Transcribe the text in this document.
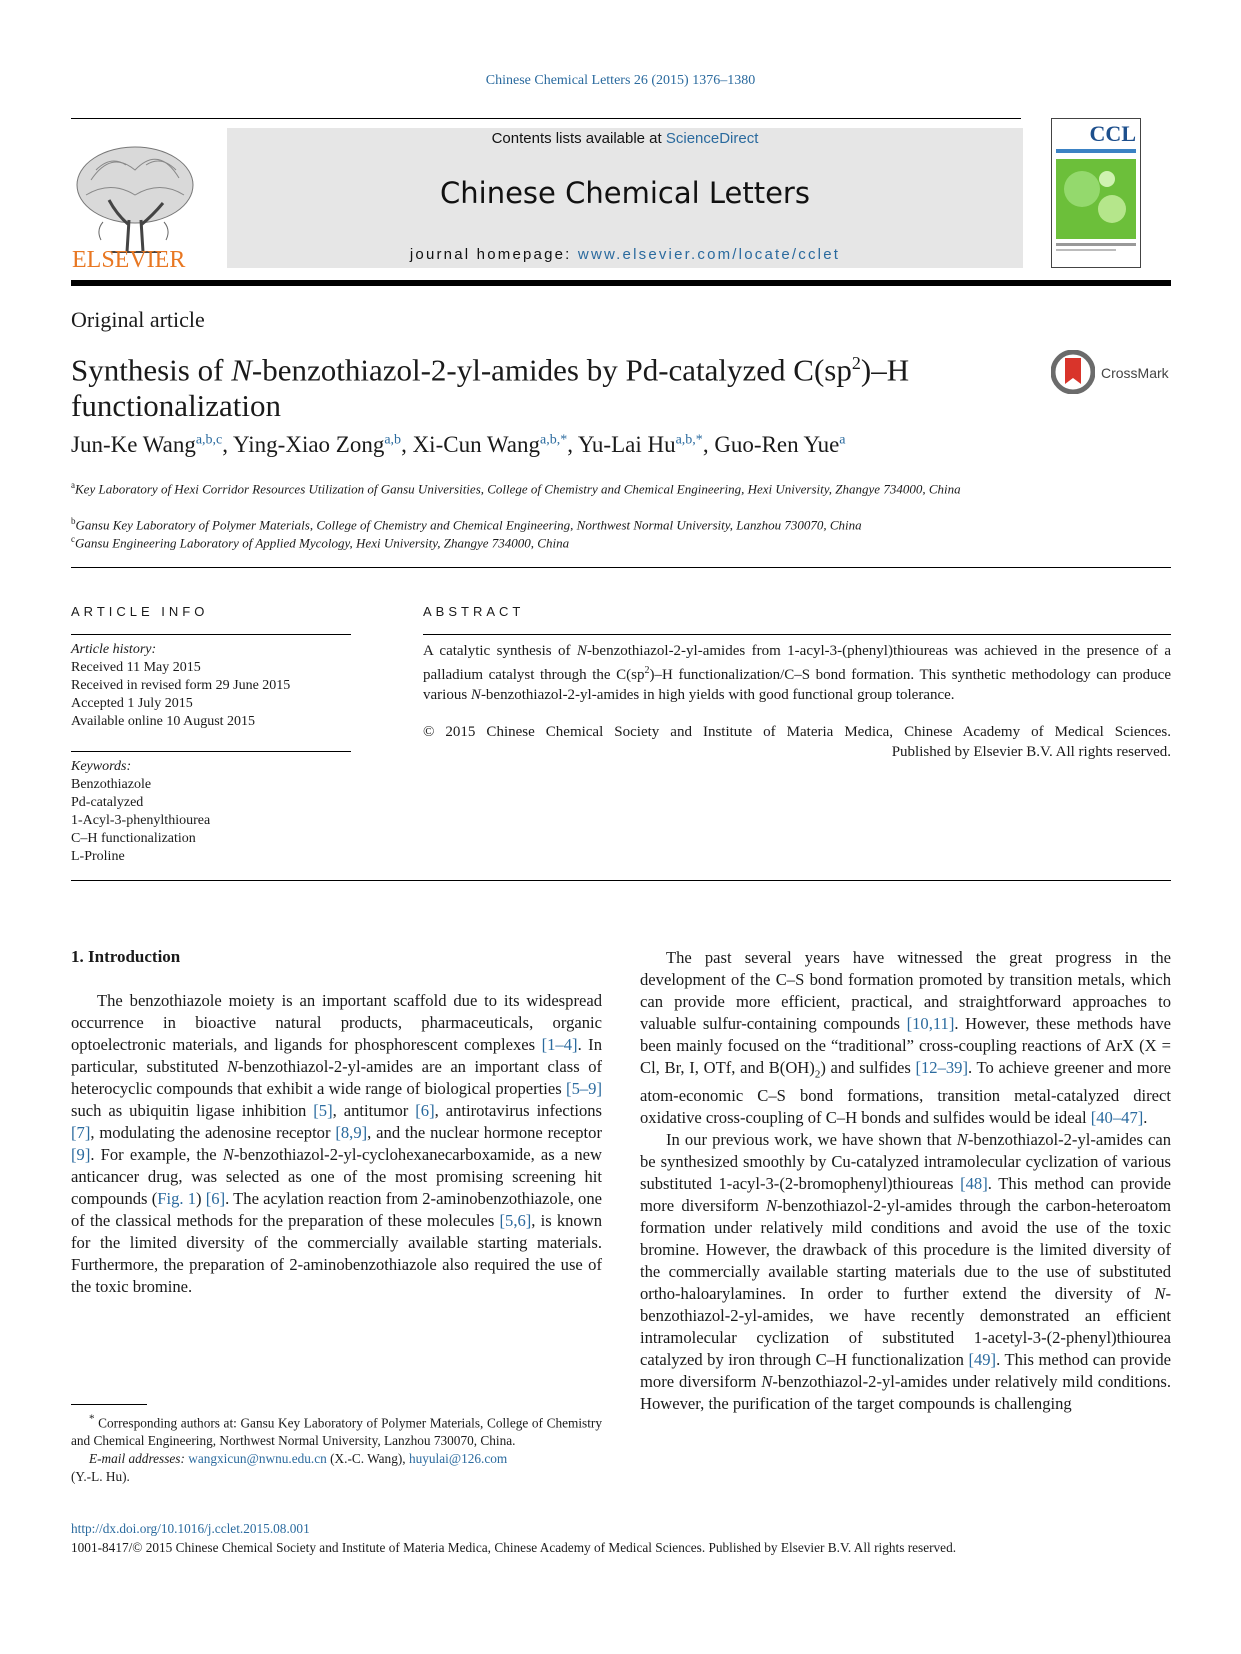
Chinese Chemical Letters 26 (2015) 1376–1380
ELSEVIER
Contents lists available at ScienceDirect
Chinese Chemical Letters
journal homepage: www.elsevier.com/locate/cclet
CCL
Original article
Synthesis of N-benzothiazol-2-yl-amides by Pd-catalyzed $C(sp^2)-H$ functionalization
CrossMark
Jun-Ke Wang$^{a,b,c}$, Ying-Xiao Zong$^{a,b}$, Xi-Cun Wang$^{a,b,*}$, Yu-Lai $Hu^{a,b,*}$, Guo-Ren Yue$^a$
$^a$Key Laboratory of Hexi Corridor Resources Utilization of Gansu Universities, College of Chemistry and Chemical Engineering, Hexi University, Zhangye 734000, China
$^b$Gansu Key Laboratory of Polymer Materials, College of Chemistry and Chemical Engineering, Northwest Normal University, Lanzhou 730070, China
$^c$Gansu Engineering Laboratory of Applied Mycology, Hexi University, Zhangye 734000, China
ARTICLE INFO
Article history:
Received 11 May 2015
Received in revised form 29 June 2015
Accepted 1 July 2015
Available online 10 August 2015
Keywords:
Benzothiazole
Pd-catalyzed
1-Acyl-3-phenylthiourea
C–H functionalization
L-Proline
ABSTRACT
A catalytic synthesis of N-benzothiazol-2-yl-amides from 1-acyl-3-(phenyl)thioureas was achieved in the presence of a palladium catalyst through the $C(sp^2)-H$ functionalization/C–S bond formation. This synthetic methodology can produce various N-benzothiazol-2-yl-amides in high yields with good functional group tolerance.
© 2015 Chinese Chemical Society and Institute of Materia Medica, Chinese Academy of Medical Sciences.
Published by Elsevier B.V. All rights reserved.
1. Introduction

The benzothiazole moiety is an important scaffold due to its widespread occurrence in bioactive natural products, pharmaceuticals, organic optoelectronic materials, and ligands for phosphorescent complexes [1–4]. In particular, substituted N-benzothiazol-2-yl-amides are an important class of heterocyclic compounds that exhibit a wide range of biological properties [5–9] such as ubiquitin ligase inhibition [5], antitumor [6], antirotavirus infections [7], modulating the adenosine receptor [8,9], and the nuclear hormone receptor [9]. For example, the N-benzothiazol-2-yl-cyclohexanecarboxamide, as a new anticancer drug, was selected as one of the most promising screening hit compounds (Fig. 1) [6]. The acylation reaction from 2-aminobenzothiazole, one of the classical methods for the preparation of these molecules [5,6], is known for the limited diversity of the commercially available starting materials. Furthermore, the preparation of 2-aminobenzothiazole also required the use of the toxic bromine.

The past several years have witnessed the great progress in the development of the C–S bond formation promoted by transition metals, which can provide more efficient, practical, and straightforward approaches to valuable sulfur-containing compounds [10,11]. However, these methods have been mainly focused on the “traditional” cross-coupling reactions of ArX (X = Cl, Br, I, OTf, and $B(OH)_2$) and sulfides [12–39]. To achieve greener and more atom-economic C–S bond formations, transition metal-catalyzed direct oxidative cross-coupling of C–H bonds and sulfides would be ideal [40–47].

In our previous work, we have shown that N-benzothiazol-2-yl-amides can be synthesized smoothly by Cu-catalyzed intramolecular cyclization of various substituted 1-acyl-3-(2-bromophenyl)thioureas [48]. This method can provide more diversiform N-benzothiazol-2-yl-amides through the carbon-heteroatom formation under relatively mild conditions and avoid the use of the toxic bromine. However, the drawback of this procedure is the limited diversity of the commercially available starting materials due to the use of substituted ortho-haloarylamines. In order to further extend the diversity of N-benzothiazol-2-yl-amides, we have recently demonstrated an efficient intramolecular cyclization of substituted 1-acetyl-3-(2-phenyl)thiourea catalyzed by iron through C–H functionalization [49]. This method can provide more diversiform N-benzothiazol-2-yl-amides under relatively mild conditions. However, the purification of the target compounds is challenging

* Corresponding authors at: Gansu Key Laboratory of Polymer Materials, College of Chemistry and Chemical Engineering, Northwest Normal University, Lanzhou 730070, China.
E-mail addresses: wangxicun@nwnu.edu.cn (X.-C. Wang), huyulai@126.com
(Y.-L. Hu).
http://dx.doi.org/10.1016/j.cclet.2015.08.001
1001-8417/© 2015 Chinese Chemical Society and Institute of Materia Medica, Chinese Academy of Medical Sciences. Published by Elsevier B.V. All rights reserved.
